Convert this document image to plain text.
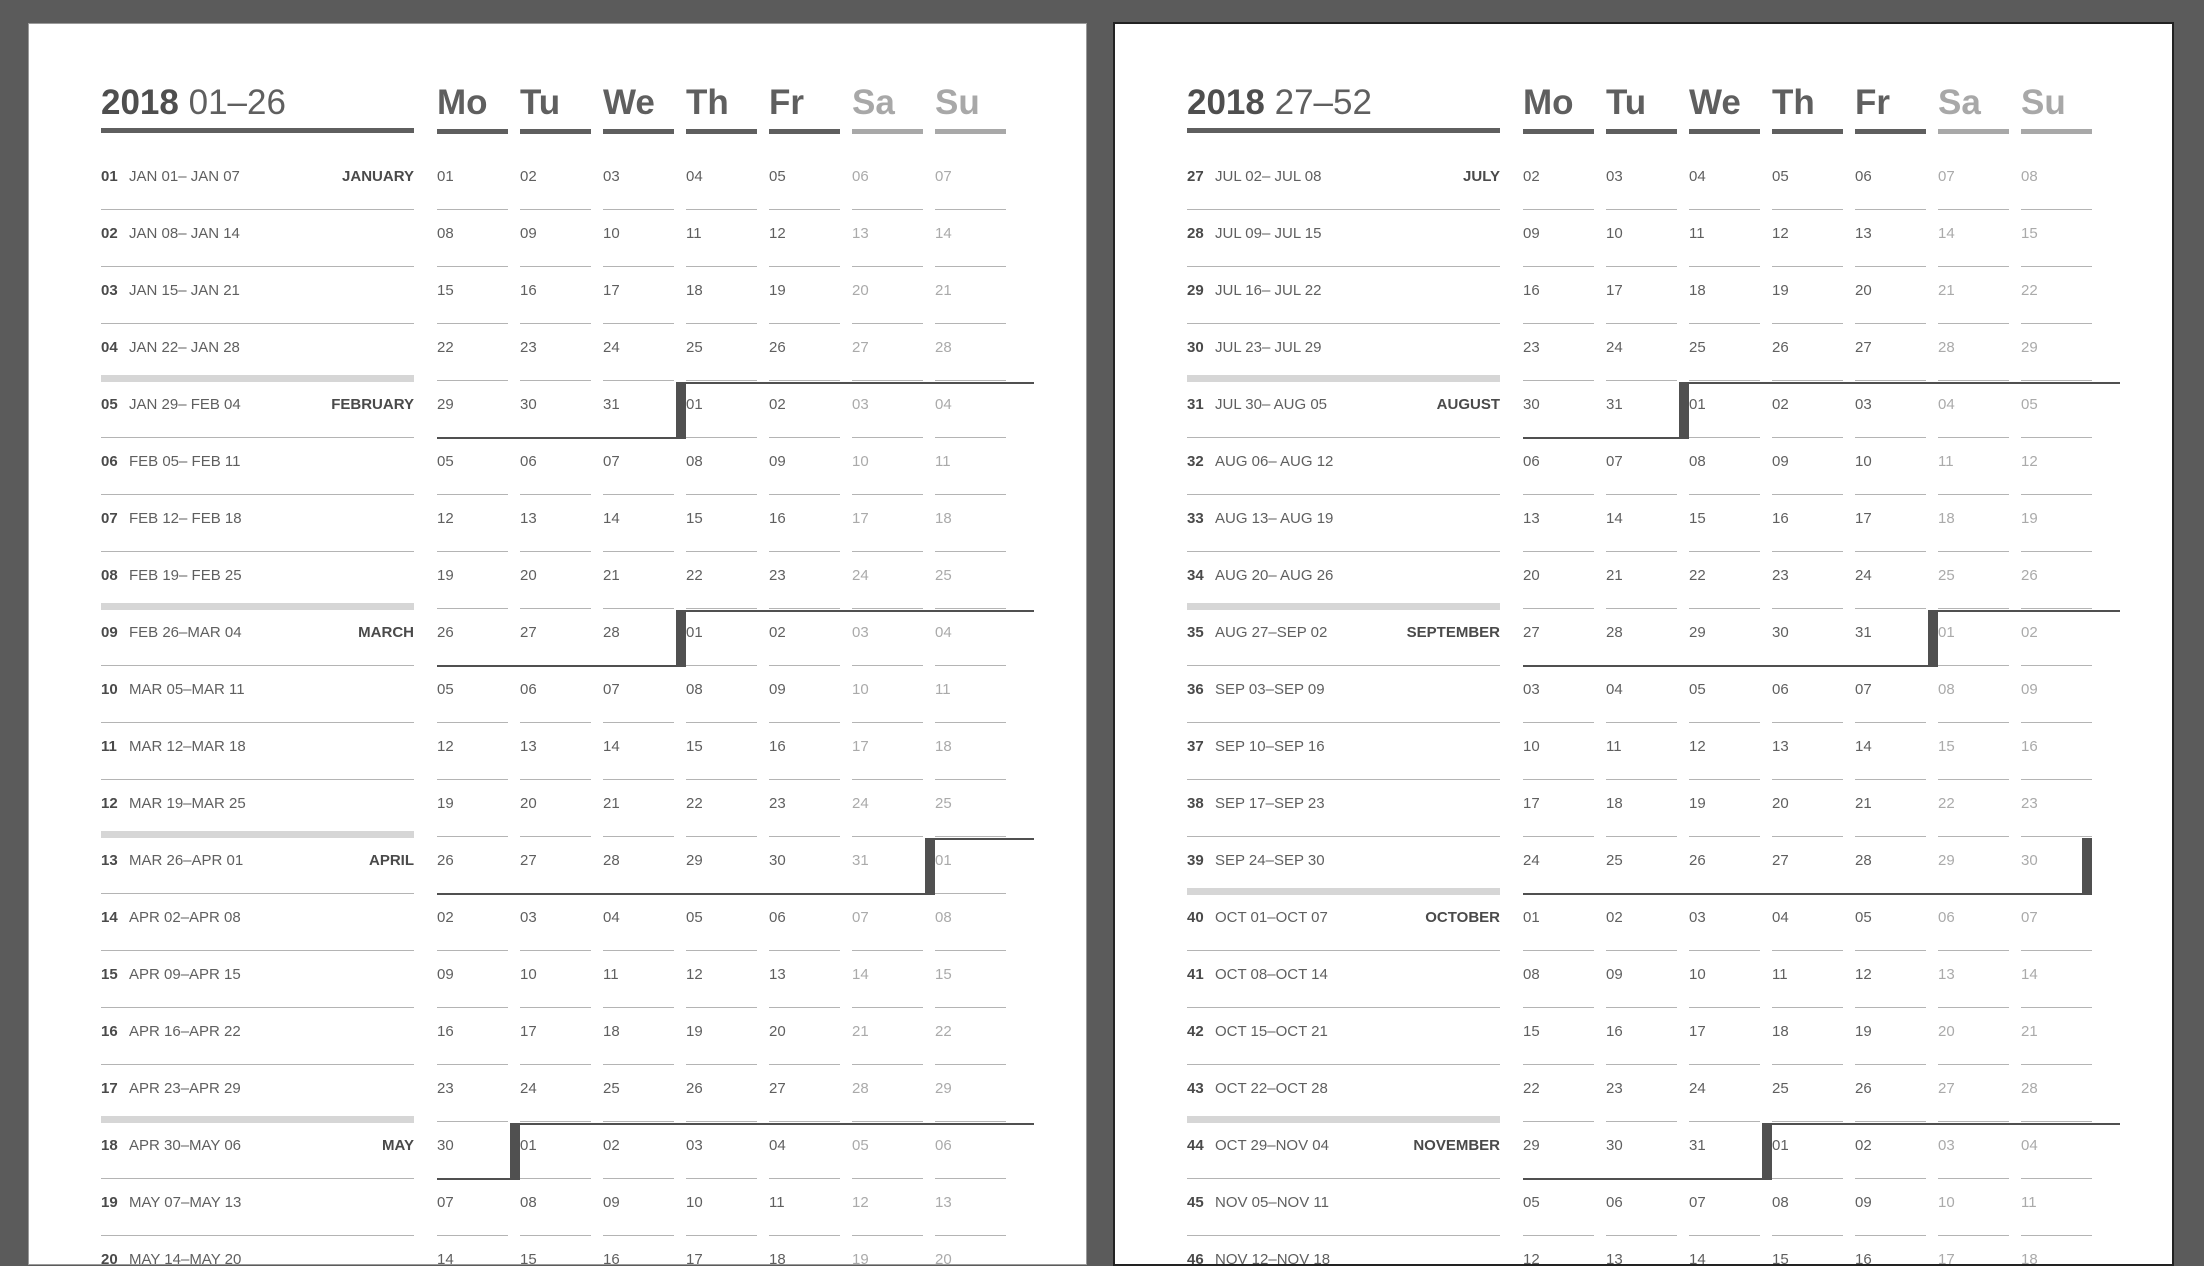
2018 01–26	Mo Tu We Th Fr Sa Su
01 JAN 01– JAN 07	JANUARY 01	02	03	04	05	06	07
02 JAN 08– JAN 14	08	09	10	11	12	13	14
03 JAN 15– JAN 21	15	16	17	18	19	20	21
04 JAN 22– JAN 28	22	23	24	25	26	27	28
05 JAN 29– FEB 04	FEBRUARY 29	30	31	01	02	03	04
06 FEB 05– FEB 11	05	06	07	08	09	10	11
07 FEB 12– FEB 18	12	13	14	15	16	17	18
08 FEB 19– FEB 25	19	20	21	22	23	24	25
09 FEB 26–MAR 04	MARCH 26	27	28	01	02	03	04
10 MAR 05–MAR 11	05	06	07	08	09	10	11
11 MAR 12–MAR 18	12	13	14	15	16	17	18
12 MAR 19–MAR 25	19	20	21	22	23	24	25
13 MAR 26–APR 01	APRIL 26	27	28	29	30	31	01
14 APR 02–APR 08	02	03	04	05	06	07	08
15 APR 09–APR 15	09	10	11	12	13	14	15
16 APR 16–APR 22	16	17	18	19	20	21	22
17 APR 23–APR 29	23	24	25	26	27	28	29
18 APR 30–MAY 06	MAY 30	01	02	03	04	05	06
19 MAY 07–MAY 13	07	08	09	10	11	12	13
20 MAY 14–MAY 20	14	15	16	17	18	19	20
2018 27–52	Mo Tu We Th Fr Sa Su
27 JUL 02– JUL 08	JULY 02	03	04	05	06	07	08
28 JUL 09– JUL 15	09	10	11	12	13	14	15
29 JUL 16– JUL 22	16	17	18	19	20	21	22
30 JUL 23– JUL 29	23	24	25	26	27	28	29
31 JUL 30– AUG 05	AUGUST 30	31	01	02	03	04	05
32 AUG 06– AUG 12	06	07	08	09	10	11	12
33 AUG 13– AUG 19	13	14	15	16	17	18	19
34 AUG 20– AUG 26	20	21	22	23	24	25	26
35 AUG 27–SEP 02	SEPTEMBER 27	28	29	30	31	01	02
36 SEP 03–SEP 09	03	04	05	06	07	08	09
37 SEP 10–SEP 16	10	11	12	13	14	15	16
38 SEP 17–SEP 23	17	18	19	20	21	22	23
39 SEP 24–SEP 30	24	25	26	27	28	29	30
40 OCT 01–OCT 07	OCTOBER 01	02	03	04	05	06	07
41 OCT 08–OCT 14	08	09	10	11	12	13	14
42 OCT 15–OCT 21	15	16	17	18	19	20	21
43 OCT 22–OCT 28	22	23	24	25	26	27	28
44 OCT 29–NOV 04	NOVEMBER 29	30	31	01	02	03	04
45 NOV 05–NOV 11	05	06	07	08	09	10	11
46 NOV 12–NOV 18	12	13	14	15	16	17	18
